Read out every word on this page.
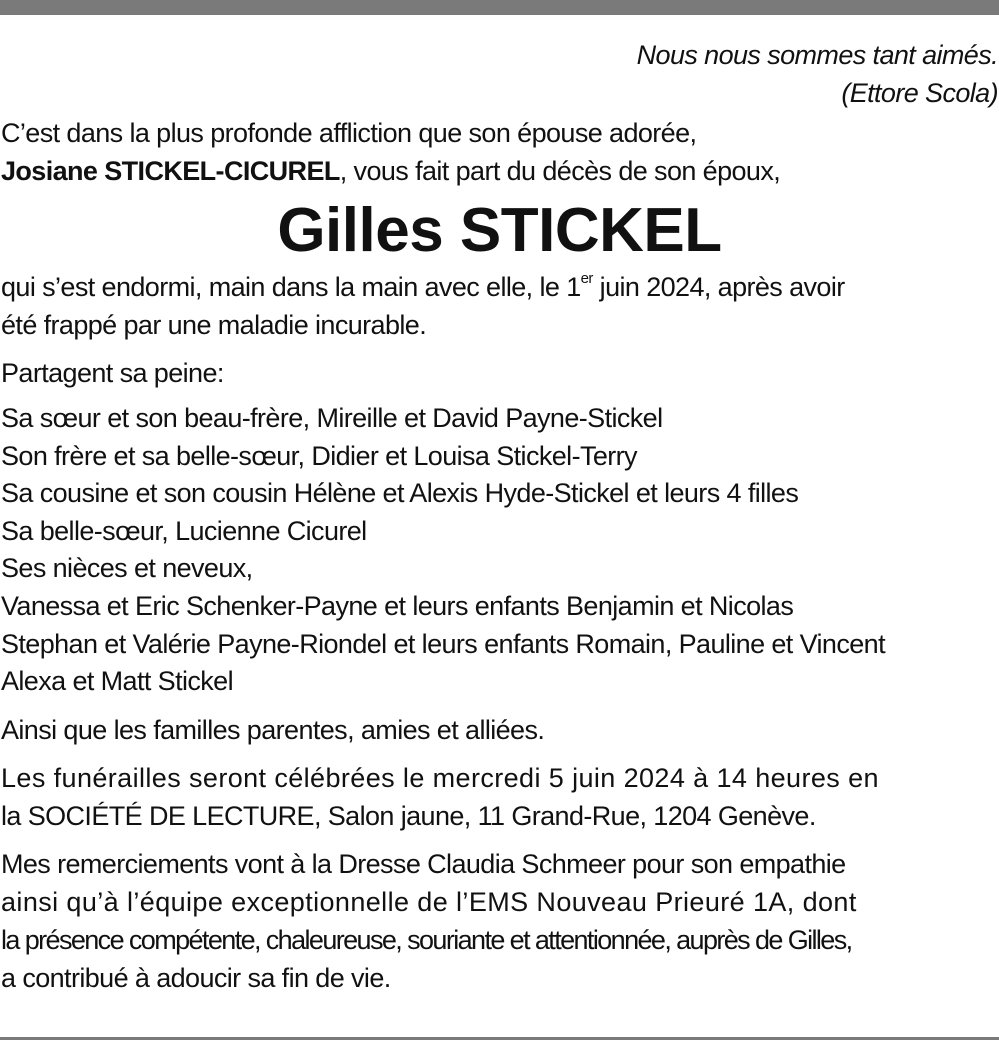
Nous nous sommes tant aimés.
(Ettore Scola)

C’est dans la plus profonde affliction que son épouse adorée,
Josiane STICKEL-CICUREL, vous fait part du décès de son époux,

Gilles STICKEL

qui s’est endormi, main dans la main avec elle, le 1er juin 2024, après avoir
été frappé par une maladie incurable.

Partagent sa peine:

Sa sœur et son beau-frère, Mireille et David Payne-Stickel
Son frère et sa belle-sœur, Didier et Louisa Stickel-Terry
Sa cousine et son cousin Hélène et Alexis Hyde-Stickel et leurs 4 filles
Sa belle-sœur, Lucienne Cicurel
Ses nièces et neveux,
Vanessa et Eric Schenker-Payne et leurs enfants Benjamin et Nicolas
Stephan et Valérie Payne-Riondel et leurs enfants Romain, Pauline et Vincent
Alexa et Matt Stickel

Ainsi que les familles parentes, amies et alliées.

Les funérailles seront célébrées le mercredi 5 juin 2024 à 14 heures en
la SOCIÉTÉ DE LECTURE, Salon jaune, 11 Grand-Rue, 1204 Genève.

Mes remerciements vont à la Dresse Claudia Schmeer pour son empathie
ainsi qu’à l’équipe exceptionnelle de l’EMS Nouveau Prieuré 1A, dont
la présence compétente, chaleureuse, souriante et attentionnée, auprès de Gilles,
a contribué à adoucir sa fin de vie.
